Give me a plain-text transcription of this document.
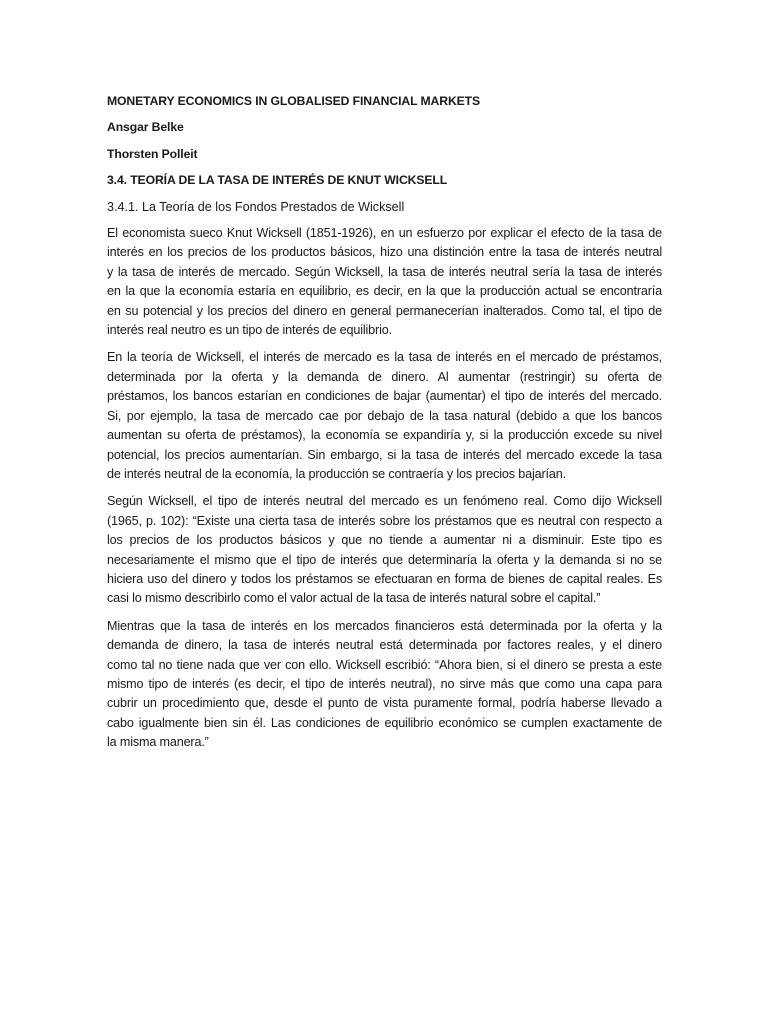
MONETARY ECONOMICS IN GLOBALISED FINANCIAL MARKETS

Ansgar Belke

Thorsten Polleit

3.4. TEORÍA DE LA TASA DE INTERÉS DE KNUT WICKSELL

3.4.1. La Teoría de los Fondos Prestados de Wicksell

El economista sueco Knut Wicksell (1851-1926), en un esfuerzo por explicar el efecto de la tasa de
interés en los precios de los productos básicos, hizo una distinción entre la tasa de interés neutral
y la tasa de interés de mercado. Según Wicksell, la tasa de interés neutral sería la tasa de interés
en la que la economía estaría en equilibrio, es decir, en la que la producción actual se encontraría
en su potencial y los precios del dinero en general permanecerían inalterados. Como tal, el tipo de
interés real neutro es un tipo de interés de equilibrio.

En la teoría de Wicksell, el interés de mercado es la tasa de interés en el mercado de préstamos,
determinada por la oferta y la demanda de dinero. Al aumentar (restringir) su oferta de
préstamos, los bancos estarían en condiciones de bajar (aumentar) el tipo de interés del mercado.
Si, por ejemplo, la tasa de mercado cae por debajo de la tasa natural (debido a que los bancos
aumentan su oferta de préstamos), la economía se expandiría y, si la producción excede su nivel
potencial, los precios aumentarían. Sin embargo, si la tasa de interés del mercado excede la tasa
de interés neutral de la economía, la producción se contraería y los precios bajarían.

Según Wicksell, el tipo de interés neutral del mercado es un fenómeno real. Como dijo Wicksell
(1965, p. 102): “Existe una cierta tasa de interés sobre los préstamos que es neutral con respecto a
los precios de los productos básicos y que no tiende a aumentar ni a disminuir. Este tipo es
necesariamente el mismo que el tipo de interés que determinaría la oferta y la demanda si no se
hiciera uso del dinero y todos los préstamos se efectuaran en forma de bienes de capital reales. Es
casi lo mismo describirlo como el valor actual de la tasa de interés natural sobre el capital.”

Mientras que la tasa de interés en los mercados financieros está determinada por la oferta y la
demanda de dinero, la tasa de interés neutral está determinada por factores reales, y el dinero
como tal no tiene nada que ver con ello. Wicksell escribió: “Ahora bien, si el dinero se presta a este
mismo tipo de interés (es decir, el tipo de interés neutral), no sirve más que como una capa para
cubrir un procedimiento que, desde el punto de vista puramente formal, podría haberse llevado a
cabo igualmente bien sin él. Las condiciones de equilibrio económico se cumplen exactamente de
la misma manera.”
